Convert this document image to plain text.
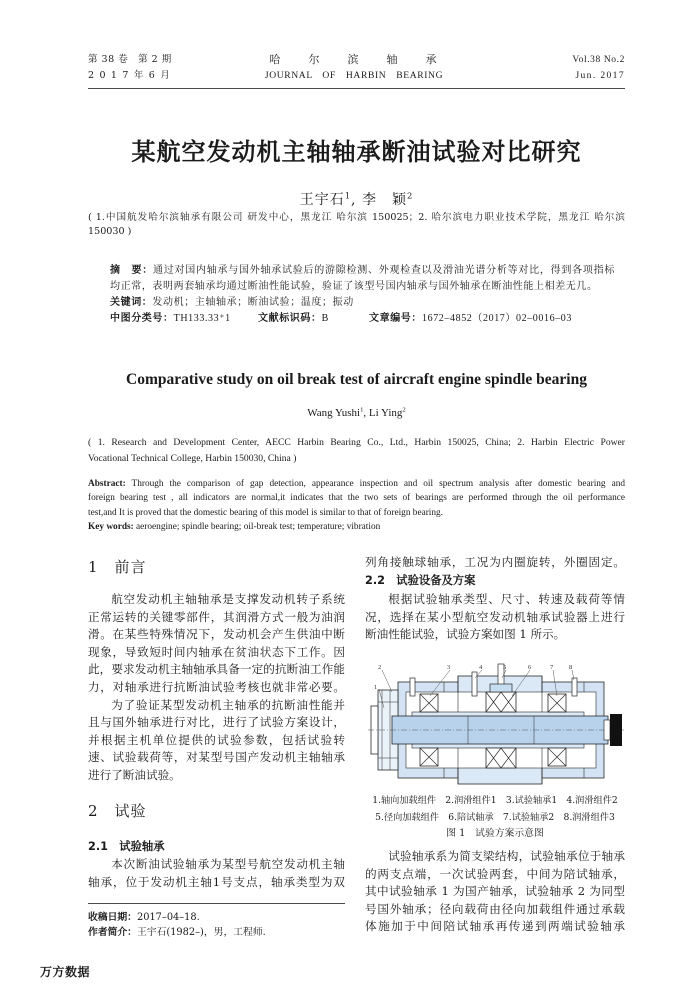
第 38 卷　第 2 期
2 0 1 7 年 6 月
哈　　尔　　滨　　轴　　承
JOURNAL OF HARBIN BEARING
Vol.38 No.2
Jun. 2017
某航空发动机主轴轴承断油试验对比研究
王宇石$^1$, 李　颖$^2$
( 1.中国航发哈尔滨轴承有限公司 研发中心，黑龙江 哈尔滨 150025；2. 哈尔滨电力职业技术学院，黑龙江 哈尔滨
150030 )
摘　要：通过对国内轴承与国外轴承试验后的游隙检测、外观检查以及滑油光谱分析等对比，得到各项指标
均正常，表明两套轴承均通过断油性能试验，验证了该型号国内轴承与国外轴承在断油性能上相差无几。
关键词：发动机；主轴轴承；断油试验；温度；振动
中图分类号：TH133.33⁺1	文献标识码：B	文章编号：1672–4852（2017）02–0016–03
Comparative study on oil break test of aircraft engine spindle bearing
Wang Yushi$^1$, Li Ying$^2$
( 1. Research and Development Center, AECC Harbin Bearing Co., Ltd., Harbin 150025, China; 2. Harbin Electric Power
Vocational Technical College, Harbin 150030, China )
Abstract: Through the comparison of gap detection, appearance inspection and oil spectrum analysis after domestic bearing and
foreign bearing test , all indicators are normal,it indicates that the two sets of bearings are performed through the oil performance
test,and It is proved that the domestic bearing of this model is similar to that of foreign bearing.
Key words: aeroengine; spindle bearing; oil-break test; temperature; vibration
1　前言
航空发动机主轴轴承是支撑发动机转子系统
正常运转的关键零部件，其润滑方式一般为油润
滑。在某些特殊情况下，发动机会产生供油中断
现象，导致短时间内轴承在贫油状态下工作。因
此，要求发动机主轴轴承具备一定的抗断油工作能
力，对轴承进行抗断油试验考核也就非常必要。
为了验证某型发动机主轴承的抗断油性能并
且与国外轴承进行对比，进行了试验方案设计，
并根据主机单位提供的试验参数，包括试验转
速、试验载荷等，对某型号国产发动机主轴轴承
进行了断油试验。
2　试验
2.1　试验轴承
本次断油试验轴承为某型号航空发动机主轴
轴承，位于发动机主轴1号支点，轴承类型为双
收稿日期：2017–04–18.
作者简介：王宇石(1982–)，男，工程师.
列角接触球轴承，工况为内圈旋转，外圈固定。
2.2　试验设备及方案
根据试验轴承类型、尺寸、转速及载荷等情
况，选择在某小型航空发动机轴承试验器上进行
断油性能试验，试验方案如图 1 所示。
1
2	3	4	5	6	7 8
1.轴向加载组件　2.润滑组件1　3.试验轴承1　4.润滑组件2
5.径向加载组件　6.陪试轴承　7.试验轴承2　8.润滑组件3
图 1　试验方案示意图
试验轴承系为简支梁结构，试验轴承位于轴承
的两支点端，一次试验两套，中间为陪试轴承，
其中试验轴承 1 为国产轴承，试验轴承 2 为同型
号国外轴承；径向载荷由径向加载组件通过承载
体施加于中间陪试轴承再传递到两端试验轴承
万方数据
